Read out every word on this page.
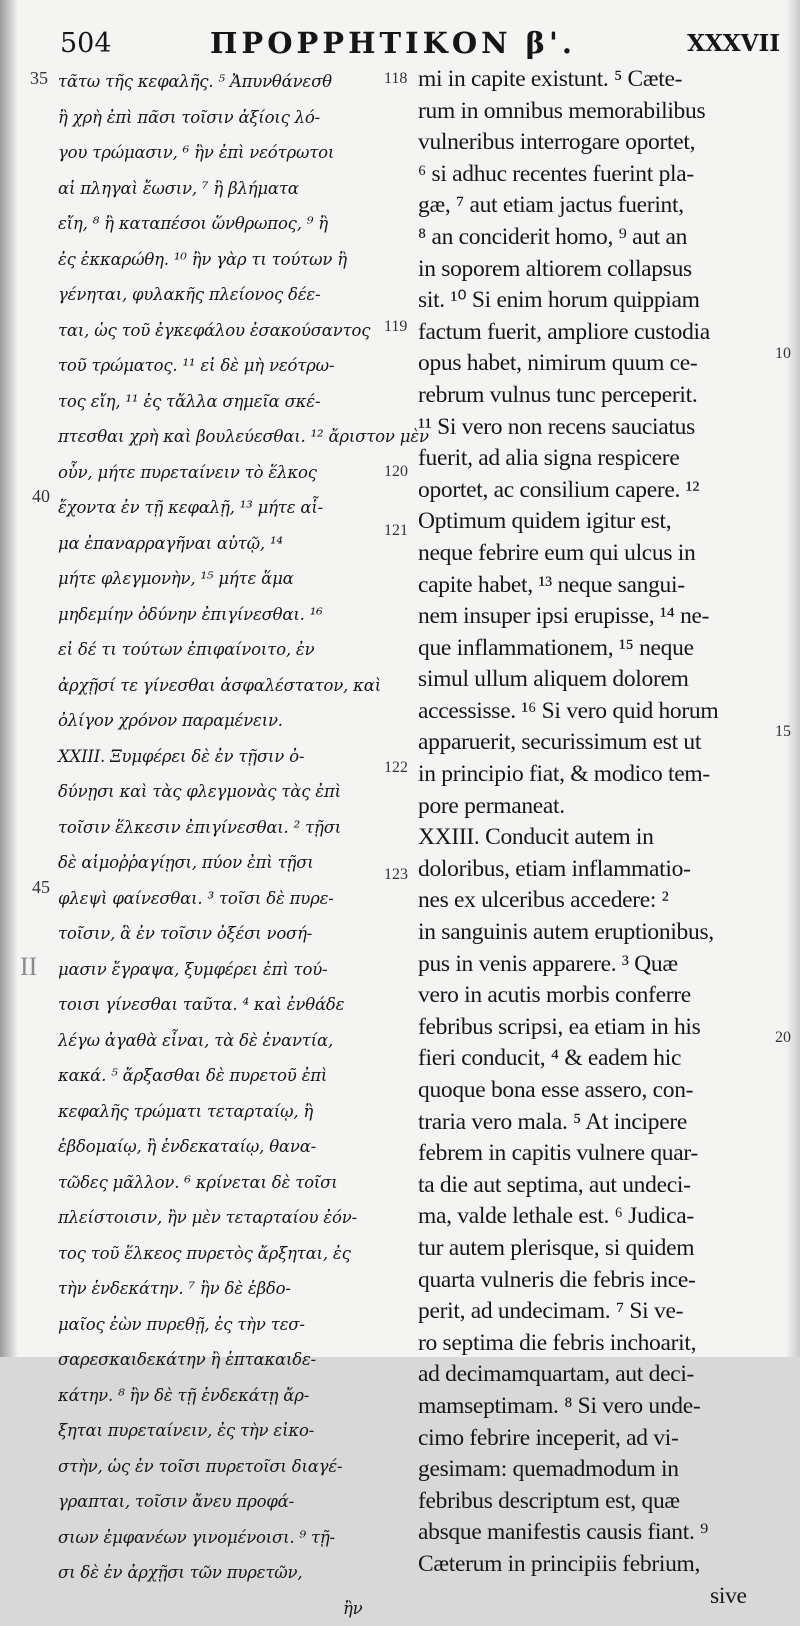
504	ΠΡΟΡΡΗΤΙΚΟΝ β'.	XXXVII
35
40
45
II
118
119
120
121
122
123
10
15
20
τᾶτω τῆς κεφαλῆς. ⁵ Ἀπυνθάνεσθ
ἢ χρὴ ἐπὶ πᾶσι τοῖσιν ἀξίοις λό-
γου τρώμασιν, ⁶ ἢν ἐπὶ νεότρωτοι
αἱ πληγαὶ ἔωσιν, ⁷ ἢ βλήματα
εἴη, ⁸ ἢ καταπέσοι ὥνθρωπος, ⁹ ἢ
ἐς ἐκκαρώθη. ¹⁰ ἢν γὰρ τι τούτων ἢ
γένηται, φυλακῆς πλείονος δέε-
ται, ὡς τοῦ ἐγκεφάλου ἐσακούσαντος
τοῦ τρώματος. ¹¹ εἰ δὲ μὴ νεότρω-
τος εἴη, ¹¹ ἐς τἄλλα σημεῖα σκέ-
πτεσθαι χρὴ καὶ βουλεύεσθαι. ¹² ἄριστον μὲν
οὖν, μήτε πυρεταίνειν τὸ ἕλκος
ἔχοντα ἐν τῇ κεφαλῇ, ¹³ μήτε αἷ-
μα ἐπαναρραγῆναι αὐτῷ, ¹⁴
μήτε φλεγμονὴν, ¹⁵ μήτε ἅμα
μηδεμίην ὀδύνην ἐπιγίνεσθαι. ¹⁶
εἰ δέ τι τούτων ἐπιφαίνοιτο, ἐν
ἀρχῇσί τε γίνεσθαι ἀσφαλέστατον, καὶ
ὀλίγον χρόνον παραμένειν.
XXIII. Ξυμφέρει δὲ ἐν τῇσιν ὀ-
δύνῃσι καὶ τὰς φλεγμονὰς τὰς ἐπὶ
τοῖσιν ἕλκεσιν ἐπιγίνεσθαι. ² τῇσι
δὲ αἱμοῤῥαγίῃσι, πύον ἐπὶ τῇσι
φλεψὶ φαίνεσθαι. ³ τοῖσι δὲ πυρε-
τοῖσιν, ἃ ἐν τοῖσιν ὀξέσι νοσή-
μασιν ἔγραψα, ξυμφέρει ἐπὶ τού-
τοισι γίνεσθαι ταῦτα. ⁴ καὶ ἐνθάδε
λέγω ἀγαθὰ εἶναι, τὰ δὲ ἐναντία,
κακά. ⁵ ἄρξασθαι δὲ πυρετοῦ ἐπὶ
κεφαλῆς τρώματι τεταρταίῳ, ἢ
ἑβδομαίῳ, ἢ ἑνδεκαταίῳ, θανα-
τῶδες μᾶλλον. ⁶ κρίνεται δὲ τοῖσι
πλείστοισιν, ἢν μὲν τεταρταίου ἐόν-
τος τοῦ ἕλκεος πυρετὸς ἄρξηται, ἐς
τὴν ἑνδεκάτην. ⁷ ἢν δὲ ἑβδο-
μαῖος ἐὼν πυρεθῇ, ἐς τὴν τεσ-
σαρεσκαιδεκάτην ἢ ἑπτακαιδε-
κάτην. ⁸ ἢν δὲ τῇ ἑνδεκάτῃ ἄρ-
ξηται πυρεταίνειν, ἐς τὴν εἰκο-
στὴν, ὡς ἐν τοῖσι πυρετοῖσι διαγέ-
γραπται, τοῖσιν ἄνευ προφά-
σιων ἐμφανέων γινομένοισι. ⁹ τῇ-
σι δὲ ἐν ἀρχῇσι τῶν πυρετῶν,
ἢν
mi in capite existunt. ⁵ Cæte-
rum in omnibus memorabilibus
vulneribus interrogare oportet,
⁶ si adhuc recentes fuerint pla-
gæ, ⁷ aut etiam jactus fuerint,
⁸ an conciderit homo, ⁹ aut an
in soporem altiorem collapsus
sit. ¹⁰ Si enim horum quippiam
factum fuerit, ampliore custodia
opus habet, nimirum quum ce-
rebrum vulnus tunc perceperit.
¹¹ Si vero non recens sauciatus
fuerit, ad alia signa respicere
oportet, ac consilium capere. ¹²
Optimum quidem igitur est,
neque febrire eum qui ulcus in
capite habet, ¹³ neque sangui-
nem insuper ipsi erupisse, ¹⁴ ne-
que inflammationem, ¹⁵ neque
simul ullum aliquem dolorem
accessisse. ¹⁶ Si vero quid horum
apparuerit, securissimum est ut
in principio fiat, & modico tem-
pore permaneat.
XXIII. Conducit autem in
doloribus, etiam inflammatio-
nes ex ulceribus accedere: ²
in sanguinis autem eruptionibus,
pus in venis apparere. ³ Quæ
vero in acutis morbis conferre
febribus scripsi, ea etiam in his
fieri conducit, ⁴ & eadem hic
quoque bona esse assero, con-
traria vero mala. ⁵ At incipere
febrem in capitis vulnere quar-
ta die aut septima, aut undeci-
ma, valde lethale est. ⁶ Judica-
tur autem plerisque, si quidem
quarta vulneris die febris ince-
perit, ad undecimam. ⁷ Si ve-
ro septima die febris inchoarit,
ad decimamquartam, aut deci-
mamseptimam. ⁸ Si vero unde-
cimo febrire inceperit, ad vi-
gesimam: quemadmodum in
febribus descriptum est, quæ
absque manifestis causis fiant. ⁹
Cæterum in principiis febrium,
sive
